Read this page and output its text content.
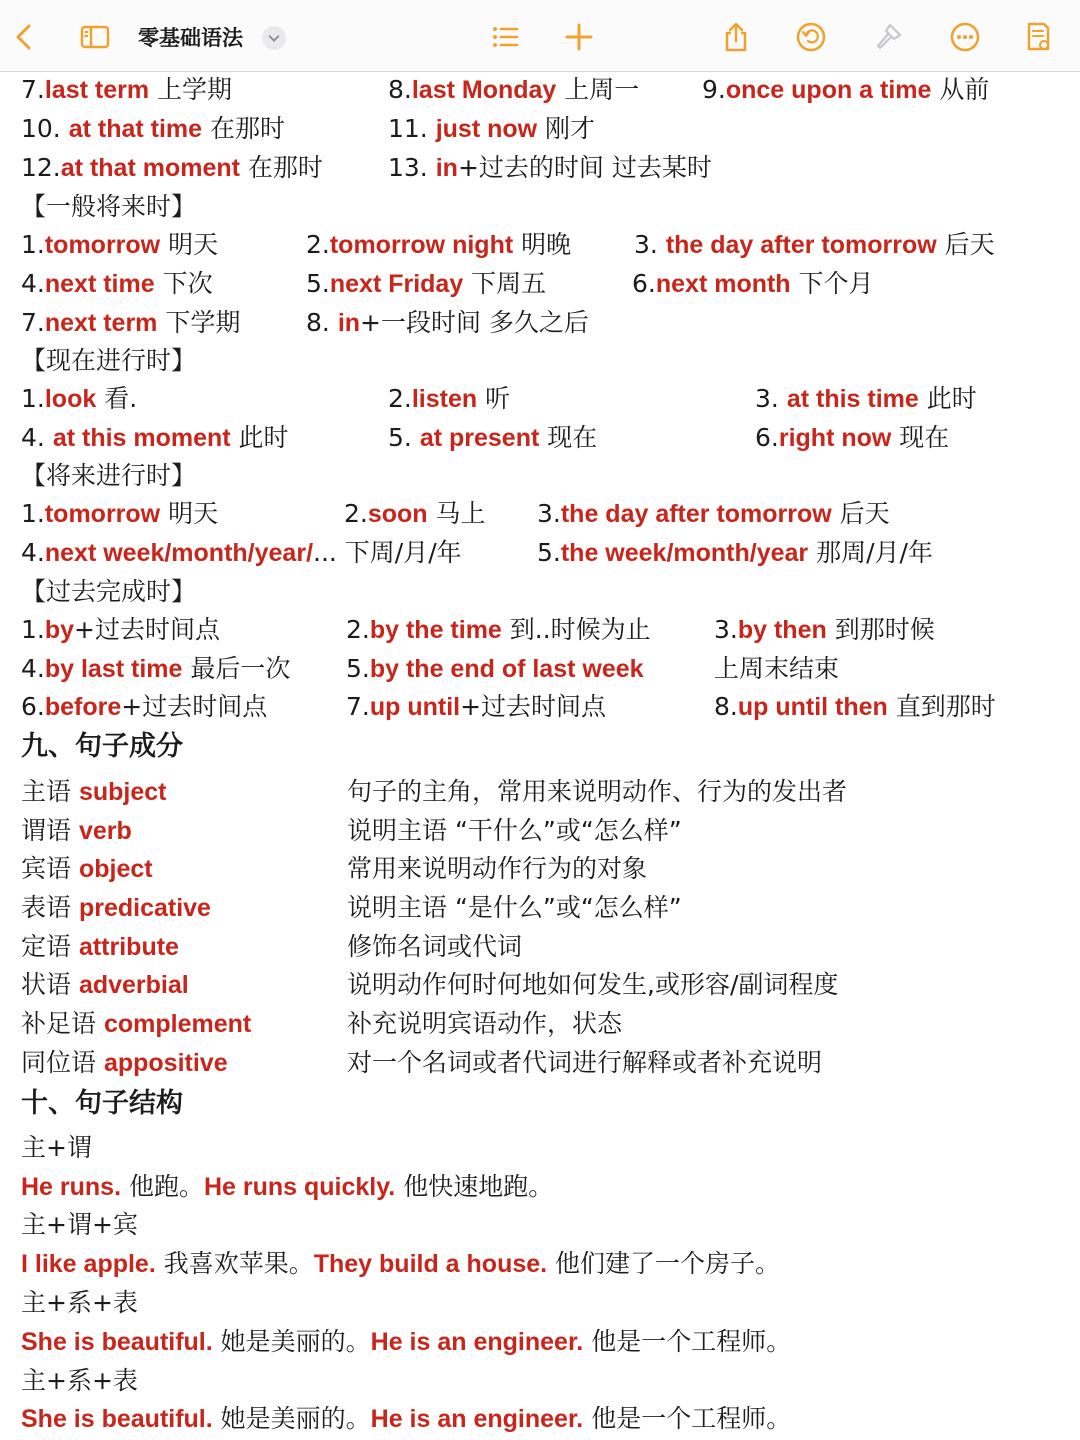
零基础语法
7.last term 上学期	8.last Monday 上周一	9.once upon a time 从前
10. at that time 在那时	11. just now 刚才
12.at that moment 在那时	13. in+过去的时间 过去某时
【一般将来时】
1.tomorrow 明天	2.tomorrow night 明晚	3. the day after tomorrow 后天
4.next time 下次	5.next Friday 下周五	6.next month 下个月
7.next term 下学期	8. in+一段时间 多久之后
【现在进行时】
1.look 看.	2.listen 听	3. at this time 此时
4. at this moment 此时	5. at present 现在	6.right now 现在
【将来进行时】
1.tomorrow 明天	2.soon 马上 3.the day after tomorrow 后天
4.next week/month/year/... 下周/月/年	5.the week/month/year 那周/月/年
【过去完成时】
1.by+过去时间点	2.by the time 到..时候为止	3.by then 到那时候
4.by last time 最后一次 5.by the end of last week	上周末结束
6.before+过去时间点	7.up until+过去时间点	8.up until then 直到那时
九、句子成分
主语 subject	句子的主角，常用来说明动作、行为的发出者
谓语 verb	说明主语 “干什么”或“怎么样”
宾语 object	常用来说明动作行为的对象
表语 predicative	说明主语 “是什么”或“怎么样”
定语 attribute	修饰名词或代词
状语 adverbial	说明动作何时何地如何发生,或形容/副词程度
补足语 complement	补充说明宾语动作，状态
同位语 appositive	对一个名词或者代词进行解释或者补充说明
十、句子结构
主+谓
He runs. 他跑。He runs quickly. 他快速地跑。
主+谓+宾
I like apple. 我喜欢苹果。They build a house. 他们建了一个房子。
主+系+表
She is beautiful. 她是美丽的。He is an engineer. 他是一个工程师。
主+系+表
She is beautiful. 她是美丽的。He is an engineer. 他是一个工程师。
